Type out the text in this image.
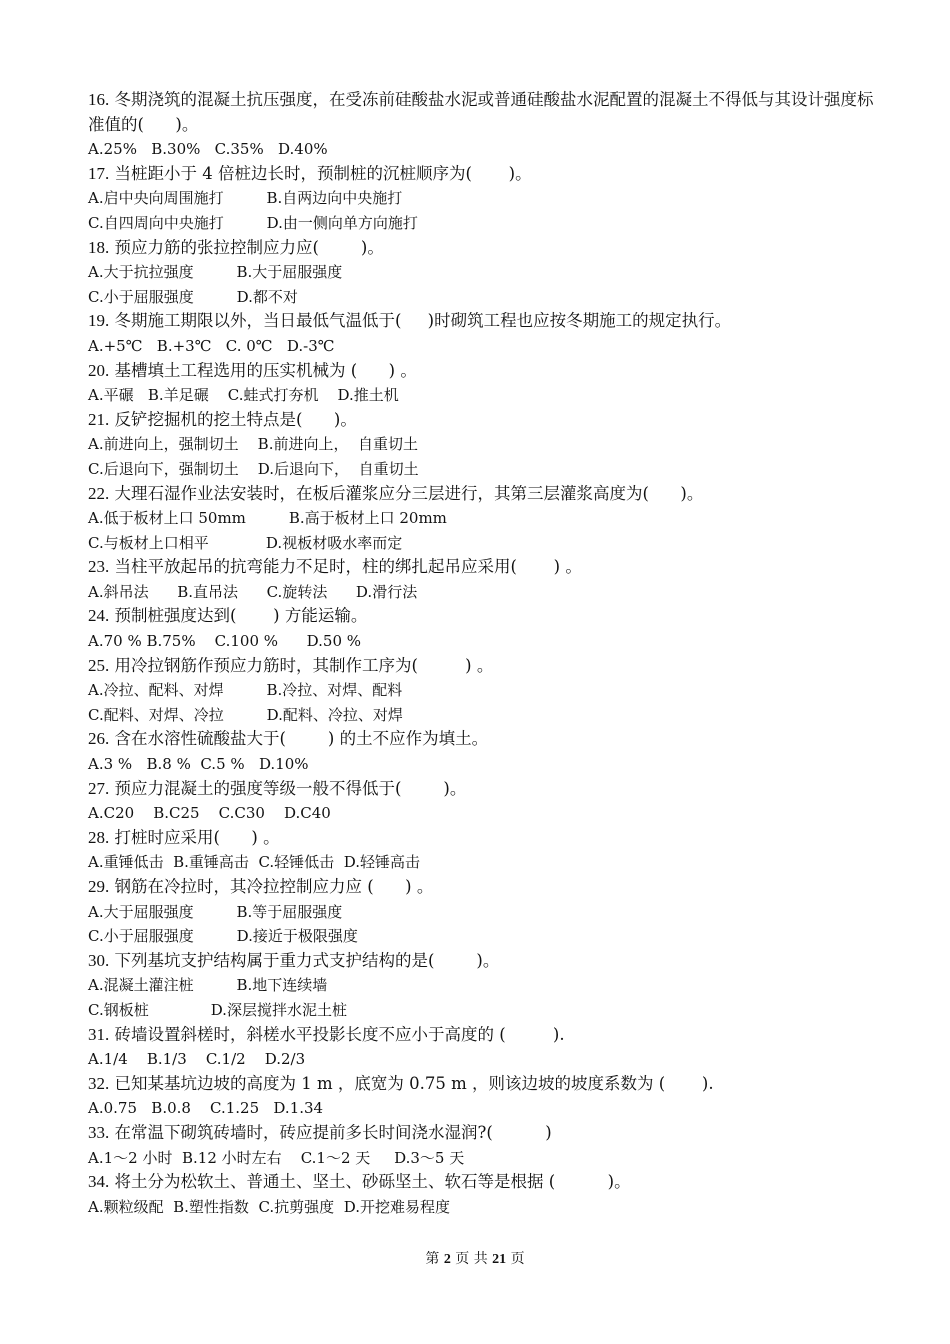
16. 冬期浇筑的混凝土抗压强度，在受冻前硅酸盐水泥或普通硅酸盐水泥配置的混凝土不得低与其设计强度标准值的(      )。

A.25%   B.30%   C.35%   D.40%

17. 当桩距小于 4 倍桩边长时，预制桩的沉桩顺序为(       )。

A.启中央向周围施打         B.自两边向中央施打

C.自四周向中央施打         D.由一侧向单方向施打

18. 预应力筋的张拉控制应力应(        )。

A.大于抗拉强度         B.大于屈服强度

C.小于屈服强度         D.都不对

19. 冬期施工期限以外，当日最低气温低于(     )时砌筑工程也应按冬期施工的规定执行。

A.+5℃   B.+3℃   C. 0℃   D.-3℃

20. 基槽填土工程选用的压实机械为 (      ) 。

A.平碾   B.羊足碾    C.蛙式打夯机    D.推土机

21. 反铲挖掘机的挖土特点是(      )。

A.前进向上，强制切土    B.前进向上，  自重切土

C.后退向下，强制切土    D.后退向下，  自重切土

22. 大理石湿作业法安装时，在板后灌浆应分三层进行，其第三层灌浆高度为(      )。

A.低于板材上口 50mm         B.高于板材上口 20mm

C.与板材上口相平            D.视板材吸水率而定

23. 当柱平放起吊的抗弯能力不足时，柱的绑扎起吊应采用(       ) 。

A.斜吊法      B.直吊法      C.旋转法      D.滑行法

24. 预制桩强度达到(       ) 方能运输。

A.70 % B.75%    C.100 %      D.50 %

25. 用冷拉钢筋作预应力筋时，其制作工序为(         ) 。

A.冷拉、配料、对焊         B.冷拉、对焊、配料

C.配料、对焊、冷拉         D.配料、冷拉、对焊

26. 含在水溶性硫酸盐大于(        ) 的土不应作为填土。

A.3 %   B.8 %  C.5 %   D.10%

27. 预应力混凝土的强度等级一般不得低于(        )。

A.C20    B.C25    C.C30    D.C40

28. 打桩时应采用(      ) 。

A.重锤低击  B.重锤高击  C.轻锤低击  D.轻锤高击

29. 钢筋在冷拉时，其冷拉控制应力应 (      ) 。

A.大于屈服强度         B.等于屈服强度

C.小于屈服强度         D.接近于极限强度

30. 下列基坑支护结构属于重力式支护结构的是(        )。

A.混凝土灌注桩         B.地下连续墙

C.钢板桩             D.深层搅拌水泥土桩

31. 砖墙设置斜槎时，斜槎水平投影长度不应小于高度的 (         ).

A.1/4    B.1/3    C.1/2    D.2/3

32. 已知某基坑边坡的高度为 1 m ，底宽为 0.75 m ，则该边坡的坡度系数为 (       ).

A.0.75   B.0.8    C.1.25   D.1.34

33. 在常温下砌筑砖墙时，砖应提前多长时间浇水湿润?(          )

A.1～2 小时  B.12 小时左右    C.1～2 天     D.3～5 天

34. 将土分为松软土、普通土、坚土、砂砾坚土、软石等是根据 (          )。

A.颗粒级配  B.塑性指数  C.抗剪强度  D.开挖难易程度

第 2 页 共 21 页
